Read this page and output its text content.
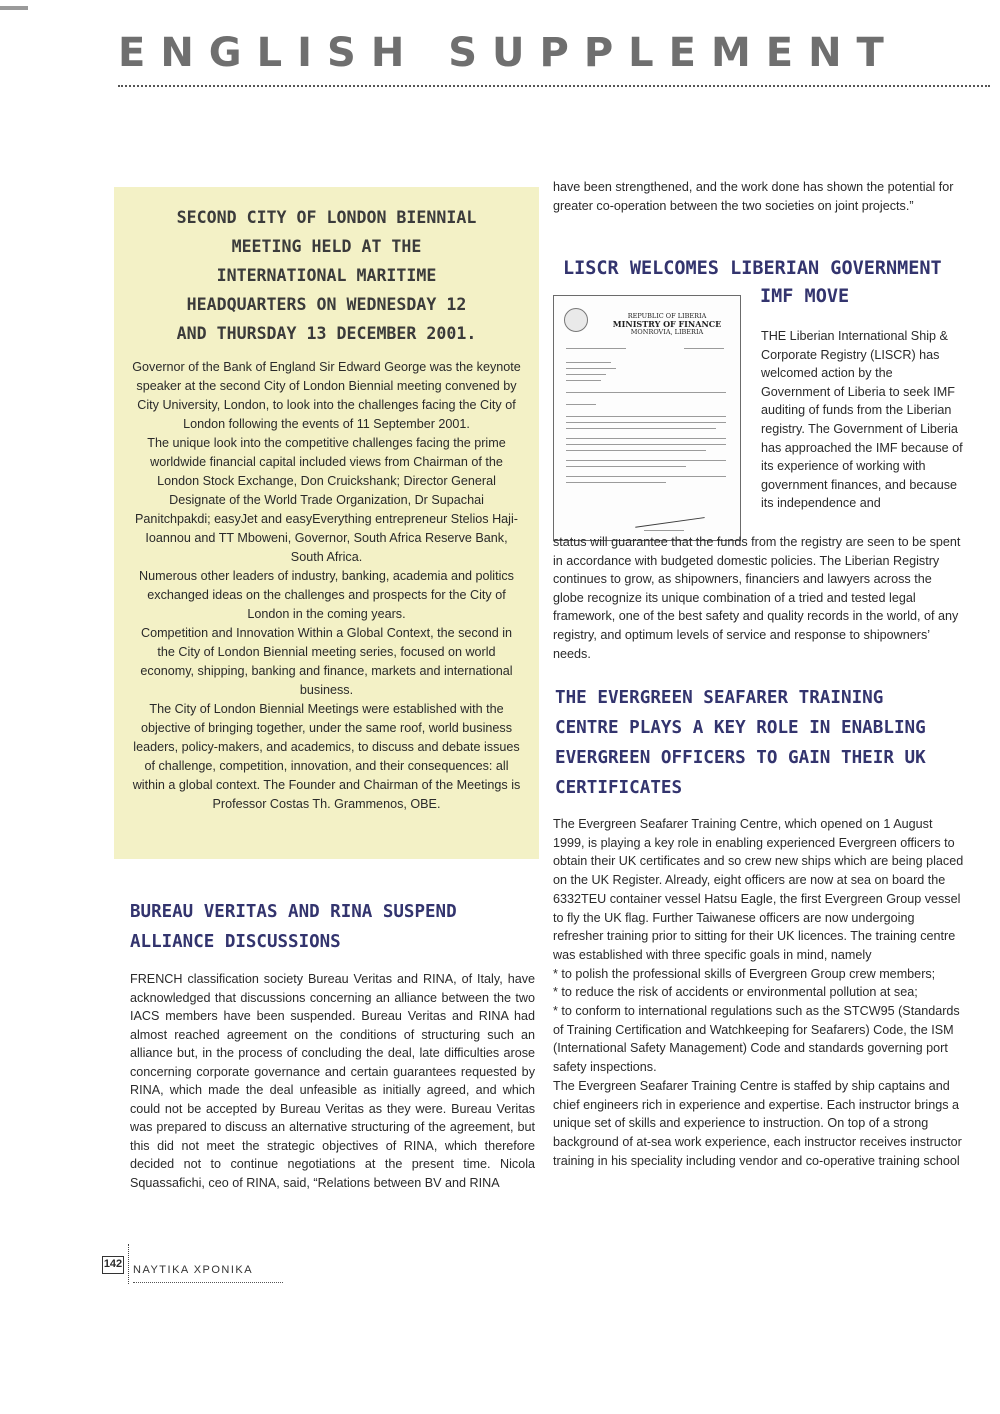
ENGLISH SUPPLEMENT
SECOND CITY OF LONDON BIENNIAL
MEETING HELD AT THE
INTERNATIONAL MARITIME
HEADQUARTERS ON WEDNESDAY 12
AND THURSDAY 13 DECEMBER 2001.

Governor of the Bank of England Sir Edward George was the keynote speaker at the second City of London Biennial meeting convened by City University, London, to look into the challenges facing the City of London following the events of 11 September 2001.

The unique look into the competitive challenges facing the prime worldwide financial capital included views from Chairman of the London Stock Exchange, Don Cruickshank; Director General Designate of the World Trade Organization, Dr Supachai Panitchpakdi; easyJet and easyEverything entrepreneur Stelios Haji-Ioannou and TT Mboweni, Governor, South Africa Reserve Bank, South Africa.

Numerous other leaders of industry, banking, academia and politics exchanged ideas on the challenges and prospects for the City of London in the coming years.

Competition and Innovation Within a Global Context, the second in the City of London Biennial meeting series, focused on world economy, shipping, banking and finance, markets and international business.

The City of London Biennial Meetings were established with the objective of bringing together, under the same roof, world business leaders, policy-makers, and academics, to discuss and debate issues of challenge, competition, innovation, and their consequences: all within a global context. The Founder and Chairman of the Meetings is Professor Costas Th. Grammenos, OBE.

BUREAU VERITAS AND RINA SUSPEND
ALLIANCE DISCUSSIONS

FRENCH classification society Bureau Veritas and RINA, of Italy, have acknowledged that discussions concerning an alliance between the two IACS members have been suspended. Bureau Veritas and RINA had almost reached agreement on the conditions of structuring such an alliance but, in the process of concluding the deal, late difficulties arose concerning corporate governance and certain guarantees requested by RINA, which made the deal unfeasible as initially agreed, and which could not be accepted by Bureau Veritas as they were. Bureau Veritas was prepared to discuss an alternative structuring of the agreement, but this did not meet the strategic objectives of RINA, which therefore decided not to continue negotiations at the present time. Nicola Squassafichi, ceo of RINA, said, “Relations between BV and RINA

have been strengthened, and the work done has shown the potential for greater co-operation between the two societies on joint projects.”

LISCR WELCOMES LIBERIAN GOVERNMENT
IMF MOVE
REPUBLIC OF LIBERIA
MINISTRY OF FINANCE
MONROVIA, LIBERIA	THE Liberian International Ship & Corporate Registry (LISCR) has welcomed action by the Government of Liberia to seek IMF auditing of funds from the Liberian registry. The Government of Liberia has approached the IMF because of its experience of working with government finances, and because its independence and

status will guarantee that the funds from the registry are seen to be spent in accordance with budgeted domestic policies. The Liberian Registry continues to grow, as shipowners, financiers and lawyers across the globe recognize its unique combination of a tried and tested legal framework, one of the best safety and quality records in the world, of any registry, and optimum levels of service and response to shipowners’ needs.

THE EVERGREEN SEAFARER TRAINING
CENTRE PLAYS A KEY ROLE IN ENABLING
EVERGREEN OFFICERS TO GAIN THEIR UK
CERTIFICATES

The Evergreen Seafarer Training Centre, which opened on 1 August 1999, is playing a key role in enabling experienced Evergreen officers to obtain their UK certificates and so crew new ships which are being placed on the UK Register. Already, eight officers are now at sea on board the 6332TEU container vessel Hatsu Eagle, the first Evergreen Group vessel to fly the UK flag. Further Taiwanese officers are now undergoing refresher training prior to sitting for their UK licences. The training centre was established with three specific goals in mind, namely

* to polish the professional skills of Evergreen Group crew members;

* to reduce the risk of accidents or environmental pollution at sea;

* to conform to international regulations such as the STCW95 (Standards of Training Certification and Watchkeeping for Seafarers) Code, the ISM (International Safety Management) Code and standards governing port safety inspections.

The Evergreen Seafarer Training Centre is staffed by ship captains and chief engineers rich in experience and expertise. Each instructor brings a unique set of skills and experience to instruction. On top of a strong background of at-sea work experience, each instructor receives instructor training in his speciality including vendor and co-operative training school

142 ΝΑΥΤΙΚΑ ΧΡΟΝΙΚΑ
